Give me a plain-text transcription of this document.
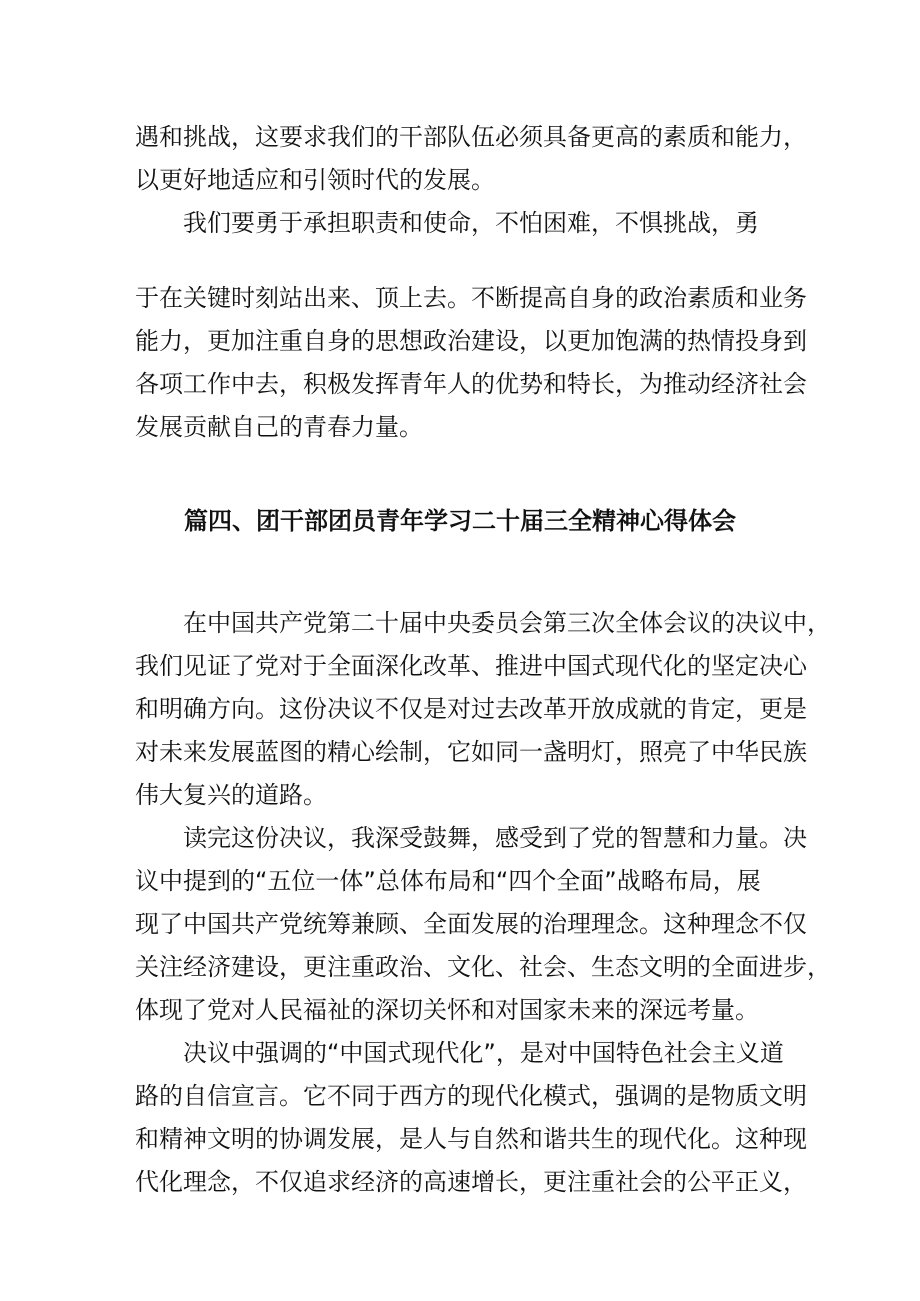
遇和挑战，这要求我们的干部队伍必须具备更高的素质和能力，
以更好地适应和引领时代的发展。
我们要勇于承担职责和使命，不怕困难，不惧挑战，勇
于在关键时刻站出来、顶上去。不断提高自身的政治素质和业务
能力，更加注重自身的思想政治建设，以更加饱满的热情投身到
各项工作中去，积极发挥青年人的优势和特长，为推动经济社会
发展贡献自己的青春力量。
篇四、团干部团员青年学习二十届三全精神心得体会
在中国共产党第二十届中央委员会第三次全体会议的决议中，
我们见证了党对于全面深化改革、推进中国式现代化的坚定决心
和明确方向。这份决议不仅是对过去改革开放成就的肯定，更是
对未来发展蓝图的精心绘制，它如同一盏明灯，照亮了中华民族
伟大复兴的道路。
读完这份决议，我深受鼓舞，感受到了党的智慧和力量。决
议中提到的“五位一体”总体布局和“四个全面”战略布局，展
现了中国共产党统筹兼顾、全面发展的治理理念。这种理念不仅
关注经济建设，更注重政治、文化、社会、生态文明的全面进步，
体现了党对人民福祉的深切关怀和对国家未来的深远考量。
决议中强调的“中国式现代化”，是对中国特色社会主义道
路的自信宣言。它不同于西方的现代化模式，强调的是物质文明
和精神文明的协调发展，是人与自然和谐共生的现代化。这种现
代化理念，不仅追求经济的高速增长，更注重社会的公平正义，
